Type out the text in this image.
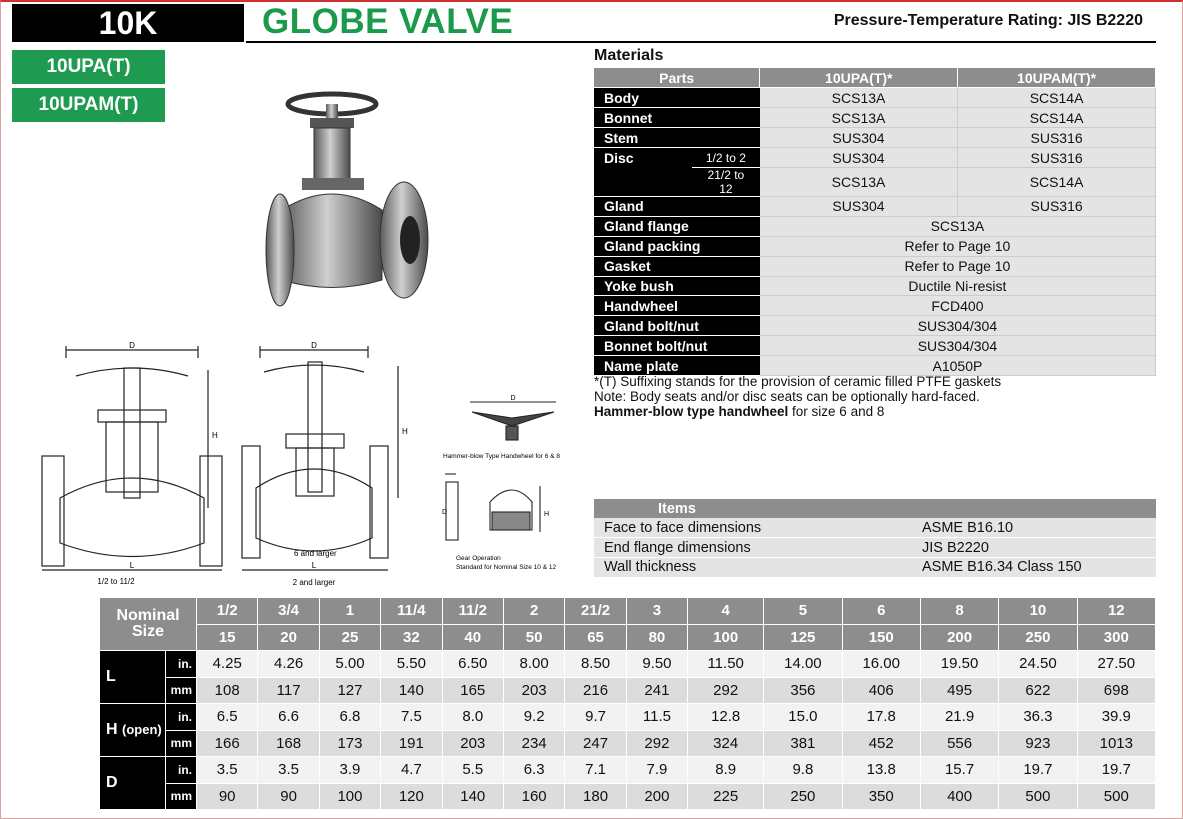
10K	GLOBE VALVE	Pressure-Temperature Rating: JIS B2220
10UPA(T)
10UPAM(T)
D
H
L
1/2 to 11/2
D
H
L
6 and larger
2 and larger
D
Hammer-blow Type Handwheel for 6 & 8
D	H
Gear Operation
Standard for Nominal Size 10 & 12
Materials
Parts		10UPA(T)*	10UPAM(T)*
Body		SCS13A	SCS14A
Bonnet		SCS13A	SCS14A
Stem		SUS304	SUS316
Disc	1/2 to 2	SUS304	SUS316
	21/2 to 12	SCS13A	SCS14A
Gland		SUS304	SUS316
Gland flange		SCS13A	
Gland packing		Refer to Page 10	
Gasket		Refer to Page 10	
Yoke bush		Ductile Ni-resist	
Handwheel		FCD400	
Gland bolt/nut		SUS304/304	
Bonnet bolt/nut		SUS304/304	
Name plate		A1050P	
*(T) Suffixing stands for the provision of ceramic filled PTFE gaskets
Note: Body seats and/or disc seats can be optionally hard-faced.
Hammer-blow type handwheel for size 6 and 8
Items	
Face to face dimensions	ASME B16.10
End flange dimensions	JIS B2220
Wall thickness	ASME B16.34 Class 150
Nominal
Size		1/2	3/4	1	11/4	11/2	2	21/2	3	4	5	6	8	10	12
		15	20	25	32	40	50	65	80	100	125	150	200	250	300
L	in.	4.25	4.26	5.00	5.50	6.50	8.00	8.50	9.50	11.50	14.00	16.00	19.50	24.50	27.50
	mm	108	117	127	140	165	203	216	241	292	356	406	495	622	698
H (open)	in.	6.5	6.6	6.8	7.5	8.0	9.2	9.7	11.5	12.8	15.0	17.8	21.9	36.3	39.9
	mm	166	168	173	191	203	234	247	292	324	381	452	556	923	1013
D	in.	3.5	3.5	3.9	4.7	5.5	6.3	7.1	7.9	8.9	9.8	13.8	15.7	19.7	19.7
	mm	90	90	100	120	140	160	180	200	225	250	350	400	500	500
